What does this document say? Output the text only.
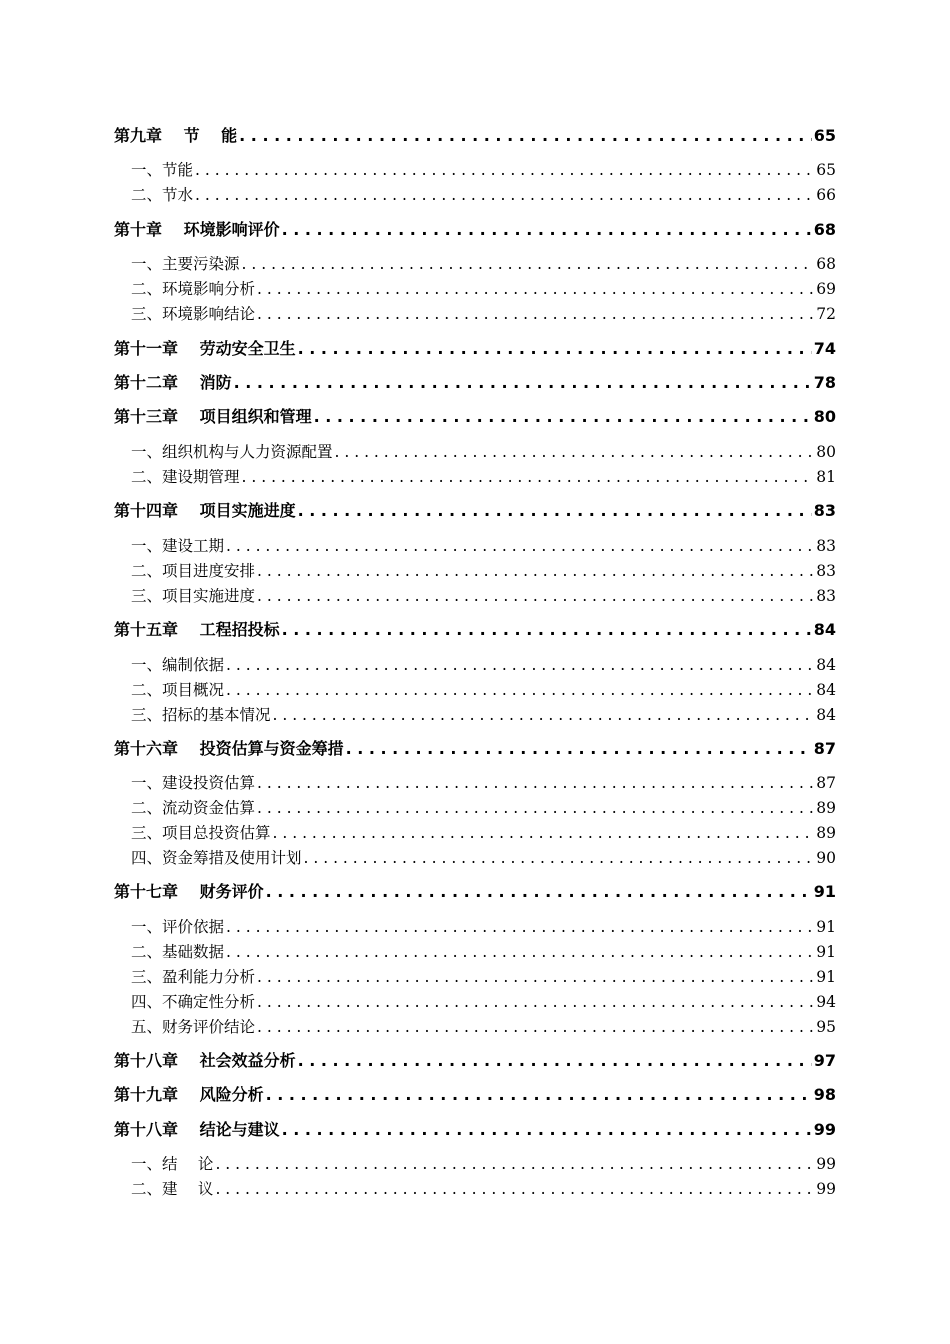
第九章　 节　 能 . . .	65
一、节能 . . .	65
二、节水 . . .	66
第十章　 环境影响评价 . . .	68
一、主要污染源 . . .	68
二、环境影响分析 . . .	69
三、环境影响结论 . . .	72
第十一章　 劳动安全卫生 . . .	74
第十二章　 消防 . . .	78
第十三章　 项目组织和管理 . . .	80
一、组织机构与人力资源配置 . . .	80
二、建设期管理 . . .	81
第十四章　 项目实施进度 . . .	83
一、建设工期 . . .	83
二、项目进度安排 . . .	83
三、项目实施进度 . . .	83
第十五章　 工程招投标 . . .	84
一、编制依据 . . .	84
二、项目概况 . . .	84
三、招标的基本情况 . . .	84
第十六章　 投资估算与资金筹措 . . .	87
一、建设投资估算 . . .	87
二、流动资金估算 . . .	89
三、项目总投资估算 . . .	89
四、资金筹措及使用计划 . . .	90
第十七章　 财务评价 . . .	91
一、评价依据 . . .	91
二、基础数据 . . .	91
三、盈利能力分析 . . .	91
四、不确定性分析 . . .	94
五、财务评价结论 . . .	95
第十八章　 社会效益分析 . . .	97
第十九章　 风险分析 . . .	98
第十八章　 结论与建议 . . .	99
一、结　 论 . . .	99
二、建　 议 . . .	99
